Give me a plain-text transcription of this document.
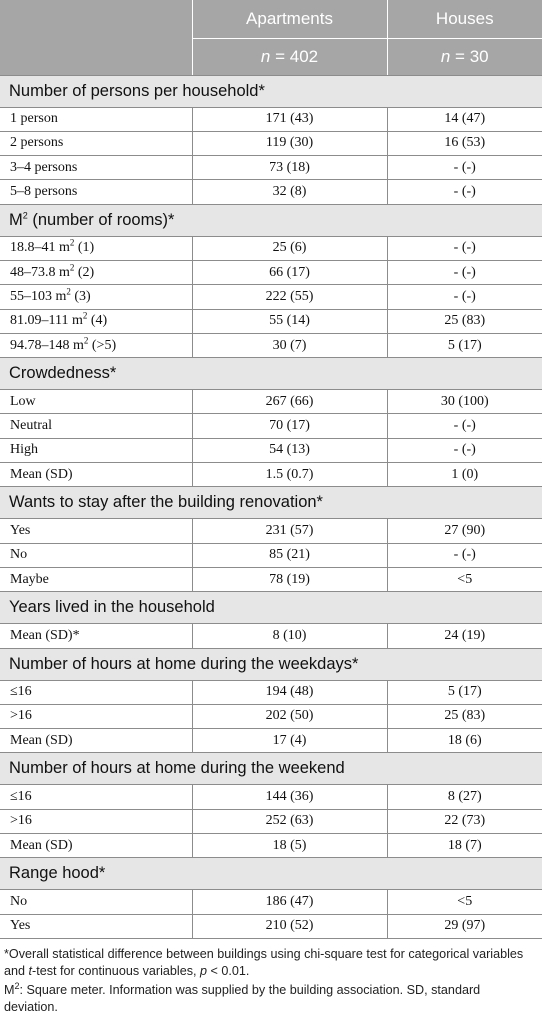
	Apartments	Houses
	n = 402	n = 30
Number of persons per household*		
1 person	171 (43)	14 (47)
2 persons	119 (30)	16 (53)
3–4 persons	73 (18)	- (-)
5–8 persons	32 (8)	- (-)
$M^2$ (number of rooms)*		
18.8–41 $m^2$ (1)	25 (6)	- (-)
48–73.8 $m^2$ (2)	66 (17)	- (-)
55–103 $m^2$ (3)	222 (55)	- (-)
81.09–111 $m^2$ (4)	55 (14)	25 (83)
94.78–148 $m^2$ (>5)	30 (7)	5 (17)
Crowdedness*		
Low	267 (66)	30 (100)
Neutral	70 (17)	- (-)
High	54 (13)	- (-)
Mean (SD)	1.5 (0.7)	1 (0)
Wants to stay after the building renovation*		
Yes	231 (57)	27 (90)
No	85 (21)	- (-)
Maybe	78 (19)	<5
Years lived in the household		
Mean (SD)*	8 (10)	24 (19)
Number of hours at home during the weekdays*		
≤16	194 (48)	5 (17)
>16	202 (50)	25 (83)
Mean (SD)	17 (4)	18 (6)
Number of hours at home during the weekend		
≤16	144 (36)	8 (27)
>16	252 (63)	22 (73)
Mean (SD)	18 (5)	18 (7)
Range hood*		
No	186 (47)	<5
Yes	210 (52)	29 (97)

*Overall statistical difference between buildings using chi-square test for categorical variables and t-test for continuous variables, p < 0.01.

$M^2$: Square meter. Information was supplied by the building association. SD, standard deviation.
